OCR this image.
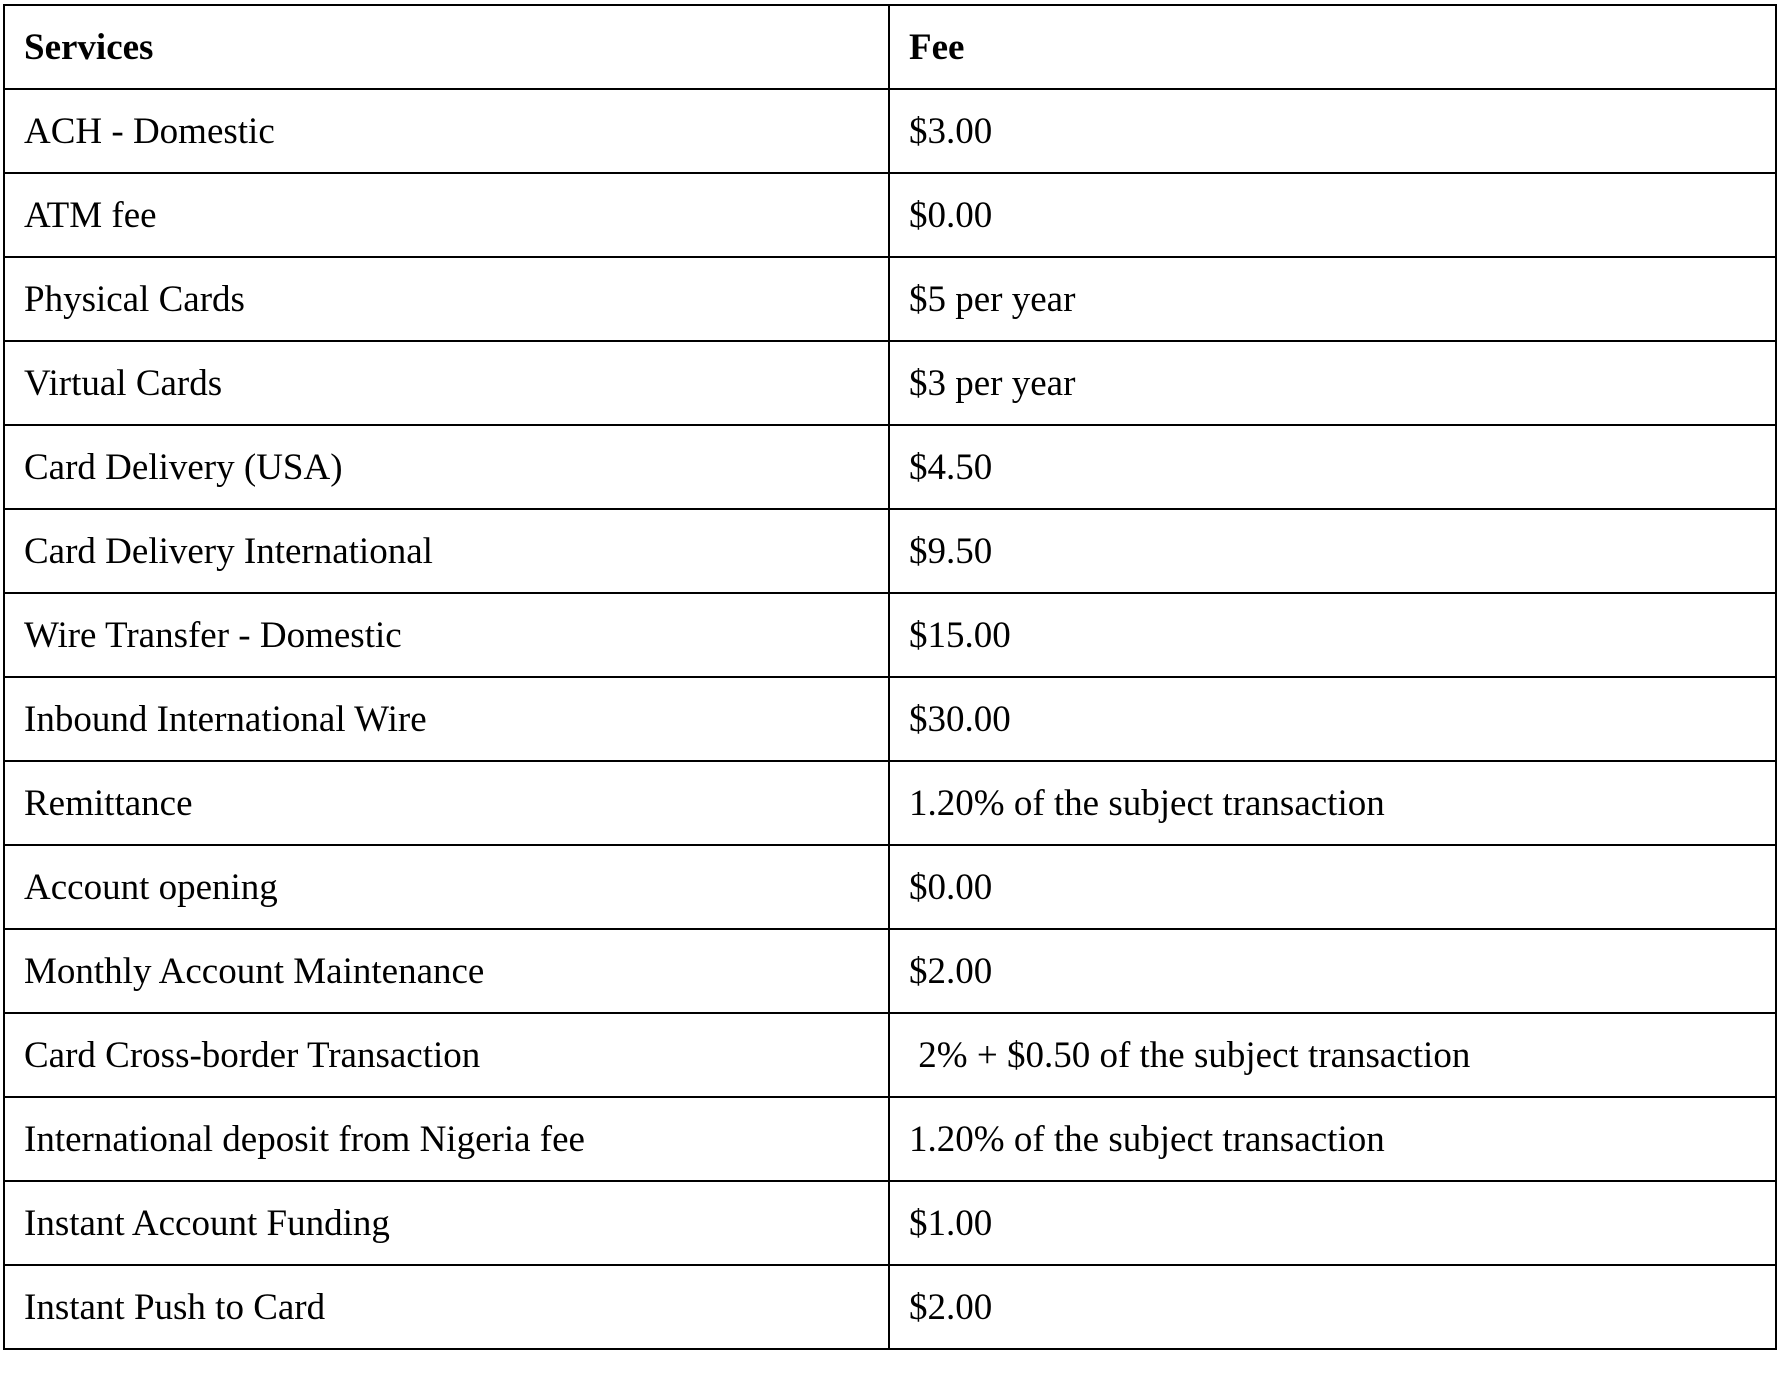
Services	Fee
ACH - Domestic	$3.00
ATM fee	$0.00
Physical Cards	$5 per year
Virtual Cards	$3 per year
Card Delivery (USA)	$4.50
Card Delivery International	$9.50
Wire Transfer - Domestic	$15.00
Inbound International Wire	$30.00
Remittance	1.20% of the subject transaction
Account opening	$0.00
Monthly Account Maintenance	$2.00
Card Cross-border Transaction	2% + $0.50 of the subject transaction
International deposit from Nigeria fee	1.20% of the subject transaction
Instant Account Funding	$1.00
Instant Push to Card	$2.00
